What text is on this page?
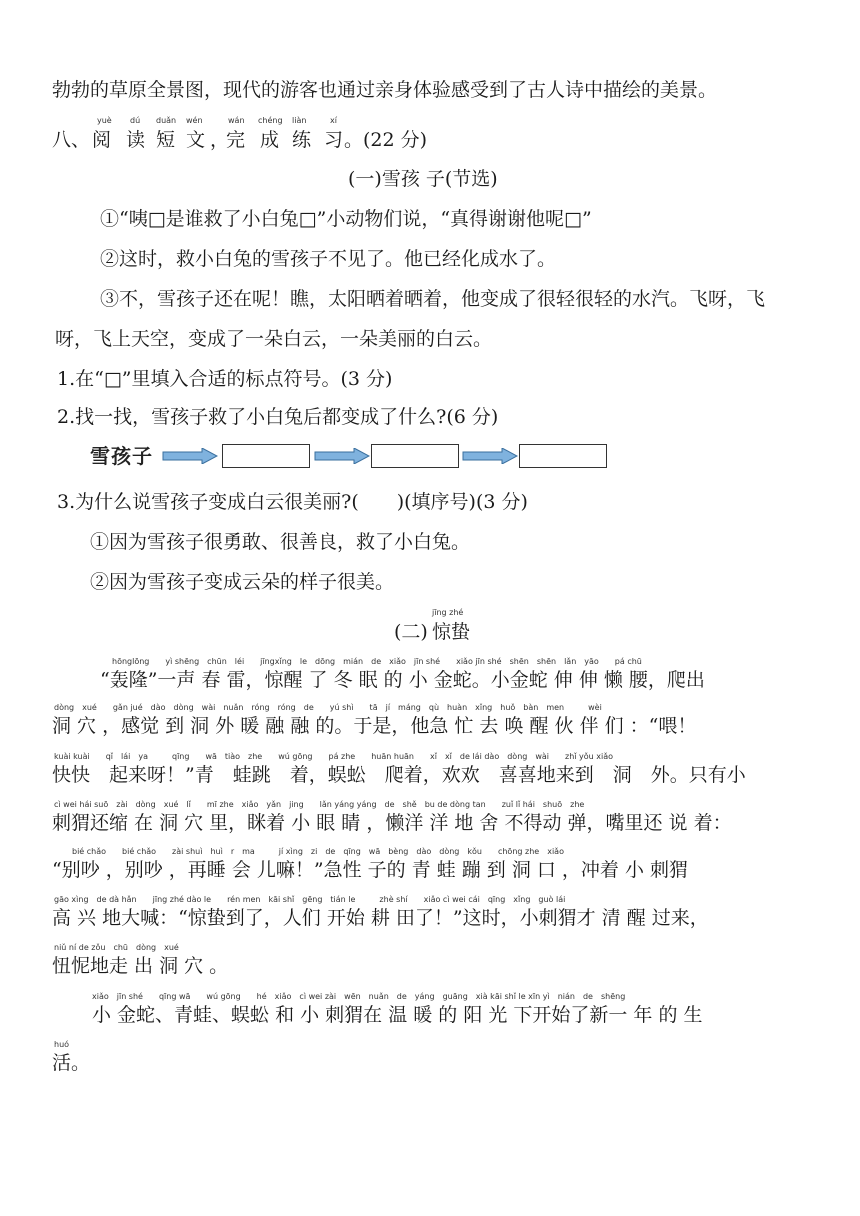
勃勃的草原全景图，现代的游客也通过亲身体验感受到了古人诗中描绘的美景。
八、
yuè
阅
dú
读
duǎn
短
wén
文 ，
wán
完
chéng
成
liàn
练
xí
习 。(22 分)
(一)雪孩 子(节选)
①“咦□是谁救了小白兔□”小动物们说，“真得谢谢他呢□”
②这时，救小白兔的雪孩子不见了。他已经化成水了。
③不，雪孩子还在呢！瞧，太阳晒着晒着，他变成了很轻很轻的水汽。飞呀，飞
呀，飞上天空，变成了一朵白云，一朵美丽的白云。
1.在“□”里填入合适的标点符号。(3 分)
2.找一找，雪孩子救了小白兔后都变成了什么?(6 分)
雪孩子
3.为什么说雪孩子变成白云很美丽?(　　)(填序号)(3 分)
①因为雪孩子很勇敢、很善良，救了小白兔。
②因为雪孩子变成云朵的样子很美。
jīng zhé
(二) 惊蛰
hōnglōng　　yì shēng　chūn　léi　　jīngxǐng　le　dōng　mián　de　xiǎo　jīn shé　　xiǎo jīn shé　shēn　shēn　lǎn　yāo　　pá chū
“轰隆”一声 春 雷，惊醒 了 冬 眠 的 小 金蛇。小金蛇 伸 伸 懒 腰，爬出
dòng　xué　　gǎn jué　dào　dòng　wài　nuǎn　róng　róng　de　　yú shì　　tā　jí　máng　qù　huàn　xǐng　huǒ　bàn　men　　　wèi
洞 穴 ，感觉 到 洞 外 暖 融 融 的。于是，他急 忙 去 唤 醒 伙 伴 们 ：“喂！
kuài kuài　　qǐ　lái　ya　　　qīng　　wā　tiào　zhe　　wú gōng　　pá zhe　　huān huān　　xǐ　xǐ　de lái dào　dòng　wài　　zhǐ yǒu xiǎo
快快　起来呀！”青　蛙跳　着，蜈蚣　爬着，欢欢　喜喜地来到　洞　外。只有小
cì wei hái suō　zài　dòng　xué　lǐ　　mī zhe　xiǎo　yǎn　jing　　lǎn yáng yáng　de　shě　bu de dòng tan　　zuǐ lǐ hái　shuō　zhe
刺猬还缩 在 洞 穴 里，眯着 小 眼 睛 ，懒洋 洋 地 舍 不得动 弹，嘴里还 说 着：
bié chǎo　　bié chǎo　　zài shuì　huì　r　ma　　　jí xìng　zi　de　qīng　wā　bèng　dào　dòng　kǒu　　chōng zhe　xiǎo
“别吵 ，别吵 ，再睡 会 儿嘛！”急性 子的 青 蛙 蹦 到 洞 口 ，冲着 小 刺猬
gāo xìng　de dà hǎn　　jīng zhé dào le　　rén men　kāi shǐ　gēng　tián le　　　zhè shí　　xiǎo cì wei cái　qīng　xǐng　guò lái
高 兴 地大喊：“惊蛰到了，人们 开始 耕 田了！”这时，小刺猬才 清 醒 过来，
niǔ ní de zǒu　chū　dòng　xué
忸怩地走 出 洞 穴 。
xiǎo　jīn shé　　qīng wā　　wú gōng　　hé　xiǎo　cì wei zài　wēn　nuǎn　de　yáng　guāng　xià kāi shǐ le xīn yì　nián　de　shēng
小 金蛇、青蛙、蜈蚣 和 小 刺猬在 温 暖 的 阳 光 下开始了新一 年 的 生
huó
活。
